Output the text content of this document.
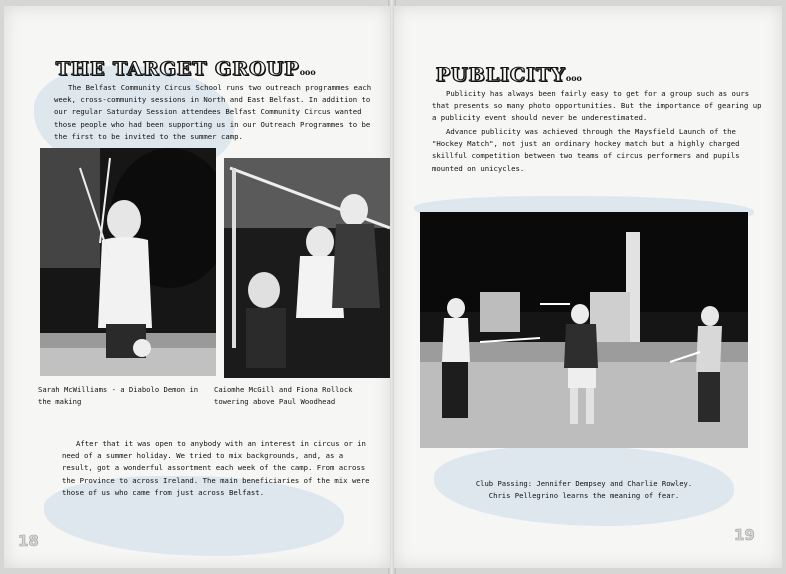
THE TARGET GROUPooo

The Belfast Community Circus School runs two outreach programmes each week, cross-community sessions in North and East Belfast. In addition to our regular Saturday Session attendees Belfast Community Circus wanted those people who had been supporting us in our Outreach Programmes to be the first to be invited to the summer camp.

Sarah McWilliams - a Diabolo Demon in the making
Caiomhe McGill and Fiona Rollock towering above Paul Woodhead

After that it was open to anybody with an interest in circus or in need of a summer holiday. We tried to mix backgrounds, and, as a result, got a wonderful assortment each week of the camp. From across the Province to across Ireland. The main beneficiaries of the mix were those of us who came from just across Belfast.

18
PUBLICITYooo

Publicity has always been fairly easy to get for a group such as ours that presents so many photo opportunities. But the importance of gearing up a publicity event should never be underestimated.

Advance publicity was achieved through the Maysfield Launch of the "Hockey Match", not just an ordinary hockey match but a highly charged skillful competition between two teams of circus performers and pupils mounted on unicycles.

Club Passing: Jennifer Dempsey and Charlie Rowley.
Chris Pellegrino learns the meaning of fear.
19
